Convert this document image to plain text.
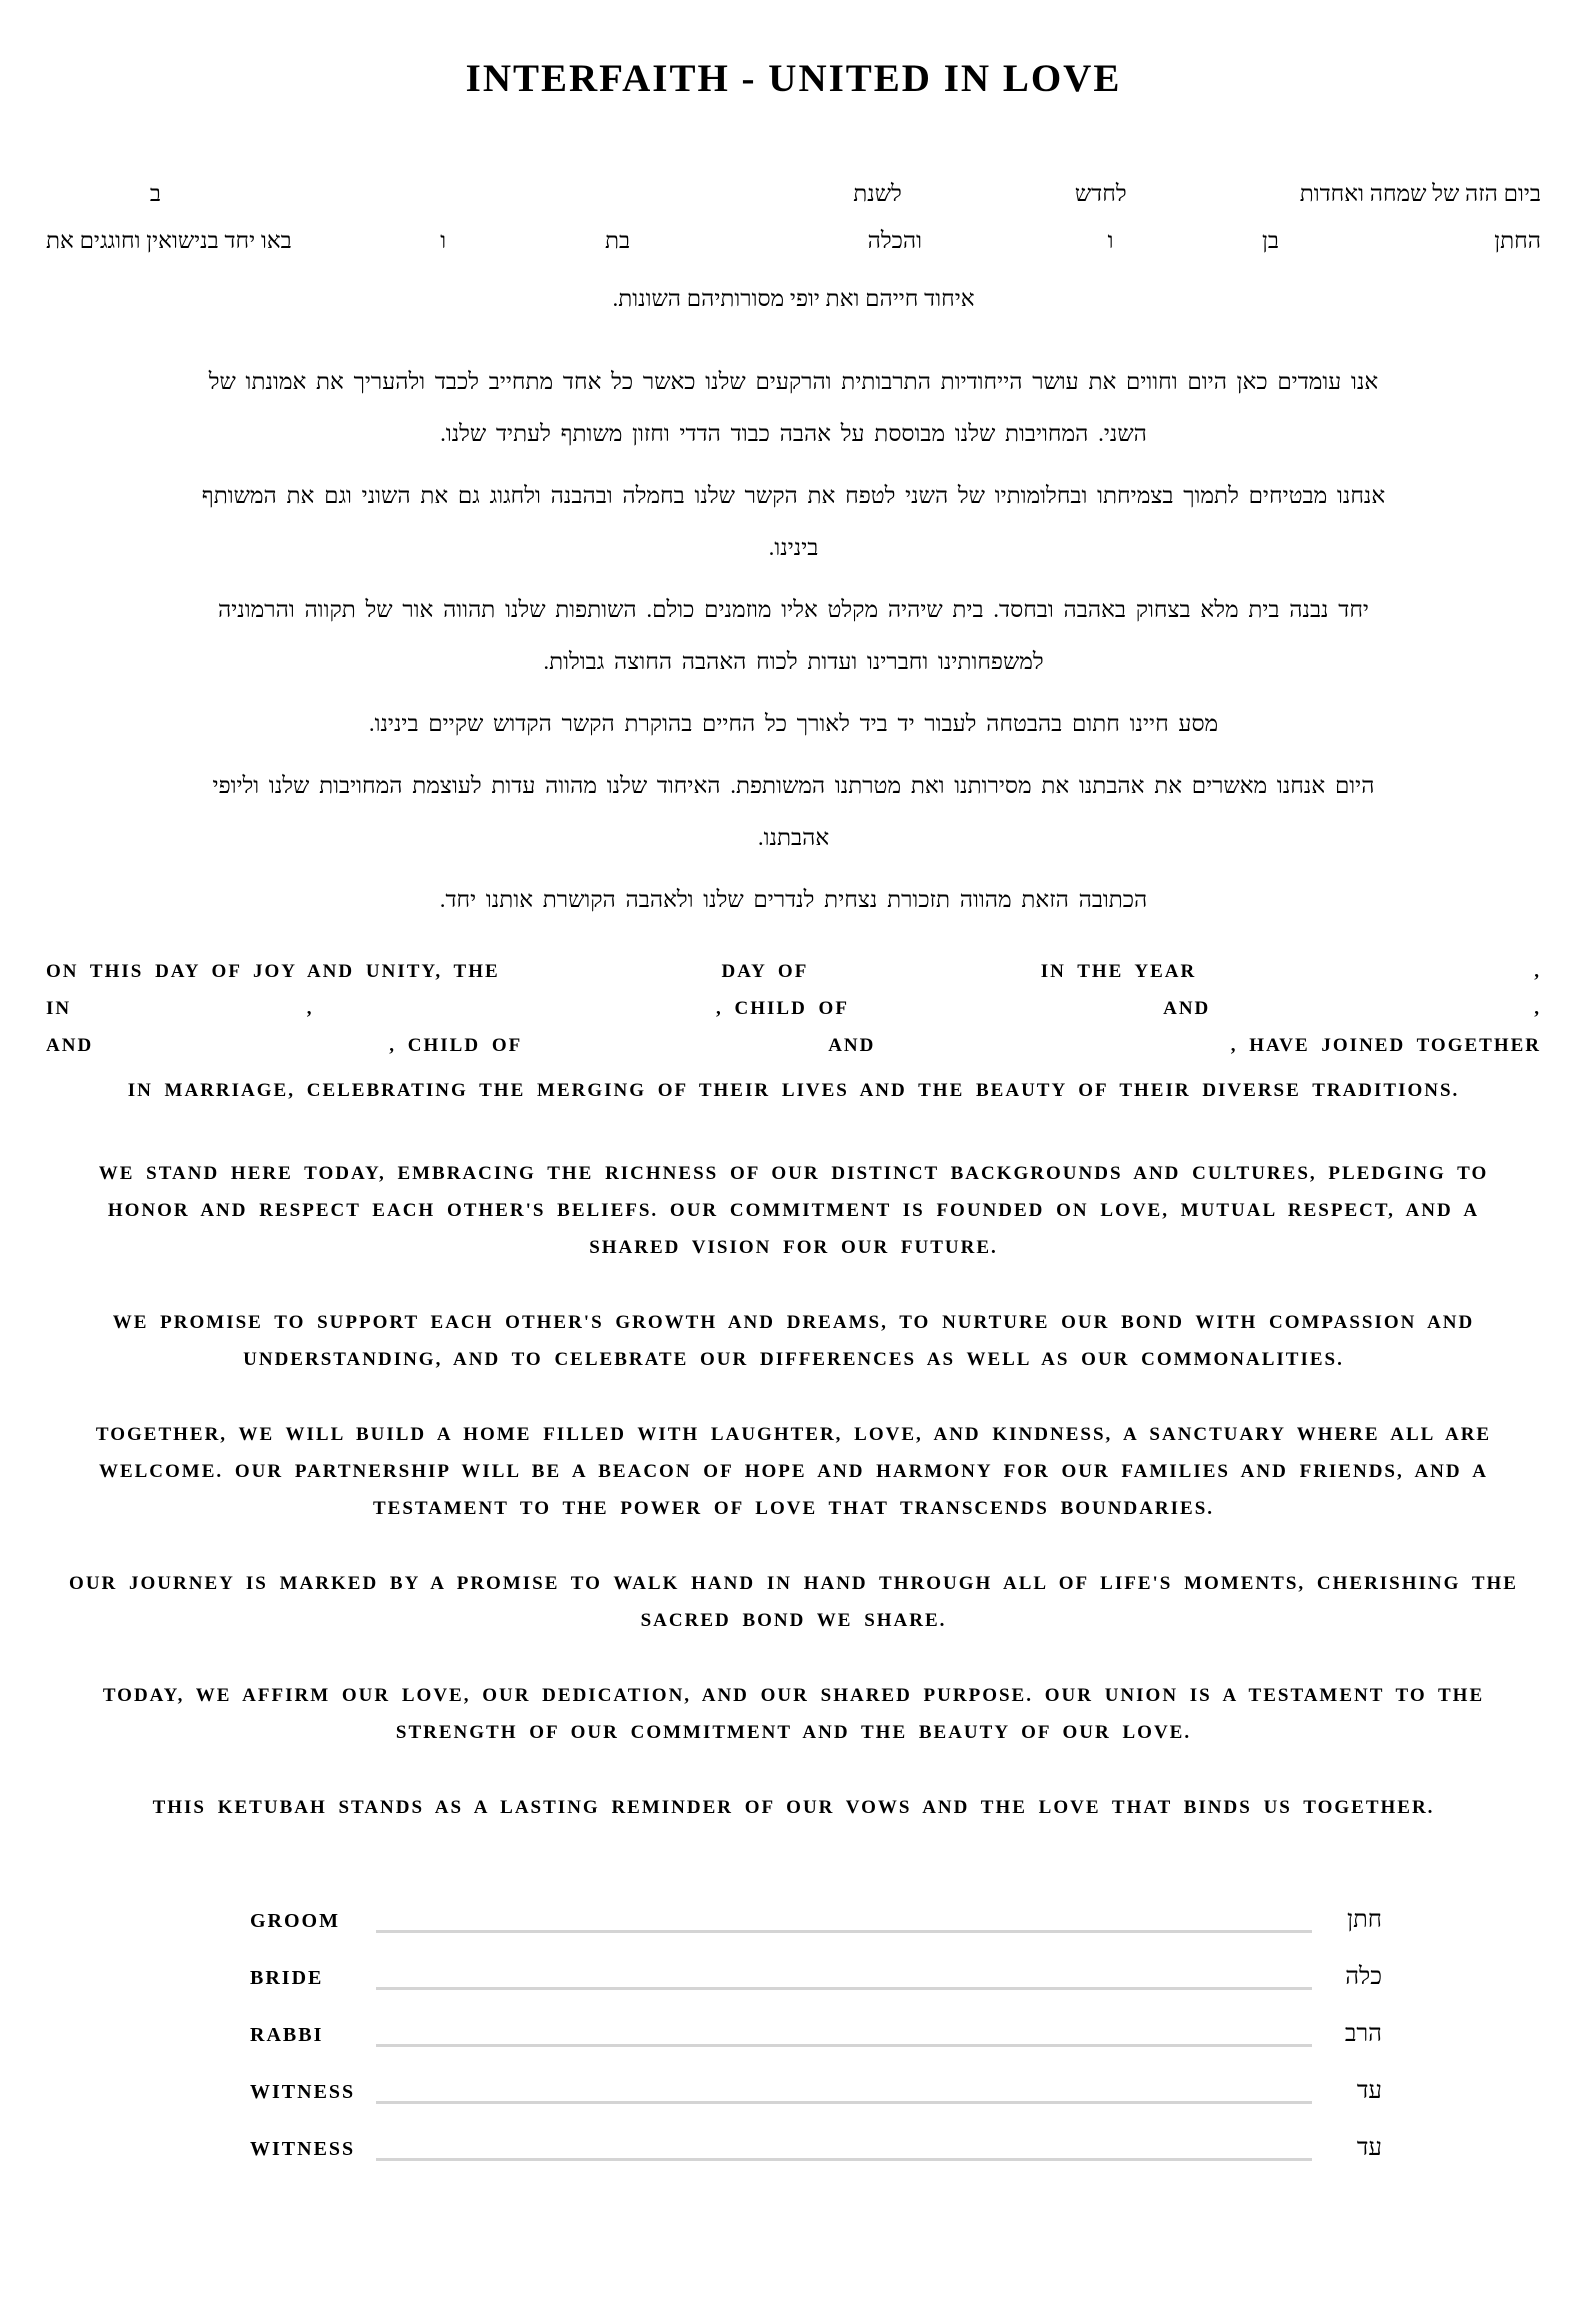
INTERFAITH - UNITED IN LOVE
ביום הזה של שמחה ואחדות
לחדש
לשנת
ב
החתן
בן
ו
והכלה
בת
ו
באו יחד בנישואין וחוגגים את
איחוד חייהם ואת יופי מסורותיהם השונות.
אנו עומדים כאן היום וחווים את עושר הייחודיות התרבותית והרקעים שלנו כאשר כל אחד מתחייב לכבד ולהעריך את אמונתו של
השני. המחויבות שלנו מבוססת על אהבה כבוד הדדי וחזון משותף לעתיד שלנו.
אנחנו מבטיחים לתמוך בצמיחתו ובחלומותיו של השני לטפח את הקשר שלנו בחמלה ובהבנה ולחגוג גם את השוני וגם את המשותף
בינינו.
יחד נבנה בית מלא בצחוק באהבה ובחסד. בית שיהיה מקלט אליו מוזמנים כולם. השותפות שלנו תהווה אור של תקווה והרמוניה
למשפחותינו וחברינו ועדות לכוח האהבה החוצה גבולות.
מסע חיינו חתום בהבטחה לעבור יד ביד לאורך כל החיים בהוקרת הקשר הקדוש שקיים בינינו.
היום אנחנו מאשרים את אהבתנו את מסירותנו ואת מטרתנו המשותפת. האיחוד שלנו מהווה עדות לעוצמת המחויבות שלנו וליופי
אהבתנו.
הכתובה הזאת מהווה תזכורת נצחית לנדרים שלנו ולאהבה הקושרת אותנו יחד.
ON THIS DAY OF JOY AND UNITY, THE	DAY OF	IN THE YEAR	,
IN	,	, CHILD OF	AND	,
AND	, CHILD OF	AND	, HAVE JOINED TOGETHER
IN MARRIAGE, CELEBRATING THE MERGING OF THEIR LIVES AND THE BEAUTY OF THEIR DIVERSE TRADITIONS.
WE STAND HERE TODAY, EMBRACING THE RICHNESS OF OUR DISTINCT BACKGROUNDS AND CULTURES, PLEDGING TO
HONOR AND RESPECT EACH OTHER'S BELIEFS. OUR COMMITMENT IS FOUNDED ON LOVE, MUTUAL RESPECT, AND A
SHARED VISION FOR OUR FUTURE.
WE PROMISE TO SUPPORT EACH OTHER'S GROWTH AND DREAMS, TO NURTURE OUR BOND WITH COMPASSION AND
UNDERSTANDING, AND TO CELEBRATE OUR DIFFERENCES AS WELL AS OUR COMMONALITIES.
TOGETHER, WE WILL BUILD A HOME FILLED WITH LAUGHTER, LOVE, AND KINDNESS, A SANCTUARY WHERE ALL ARE
WELCOME. OUR PARTNERSHIP WILL BE A BEACON OF HOPE AND HARMONY FOR OUR FAMILIES AND FRIENDS, AND A
TESTAMENT TO THE POWER OF LOVE THAT TRANSCENDS BOUNDARIES.
OUR JOURNEY IS MARKED BY A PROMISE TO WALK HAND IN HAND THROUGH ALL OF LIFE'S MOMENTS, CHERISHING THE
SACRED BOND WE SHARE.
TODAY, WE AFFIRM OUR LOVE, OUR DEDICATION, AND OUR SHARED PURPOSE. OUR UNION IS A TESTAMENT TO THE
STRENGTH OF OUR COMMITMENT AND THE BEAUTY OF OUR LOVE.
THIS KETUBAH STANDS AS A LASTING REMINDER OF OUR VOWS AND THE LOVE THAT BINDS US TOGETHER.
GROOM	חתן
BRIDE	כלה
RABBI	הרב
WITNESS	עד
WITNESS	עד
